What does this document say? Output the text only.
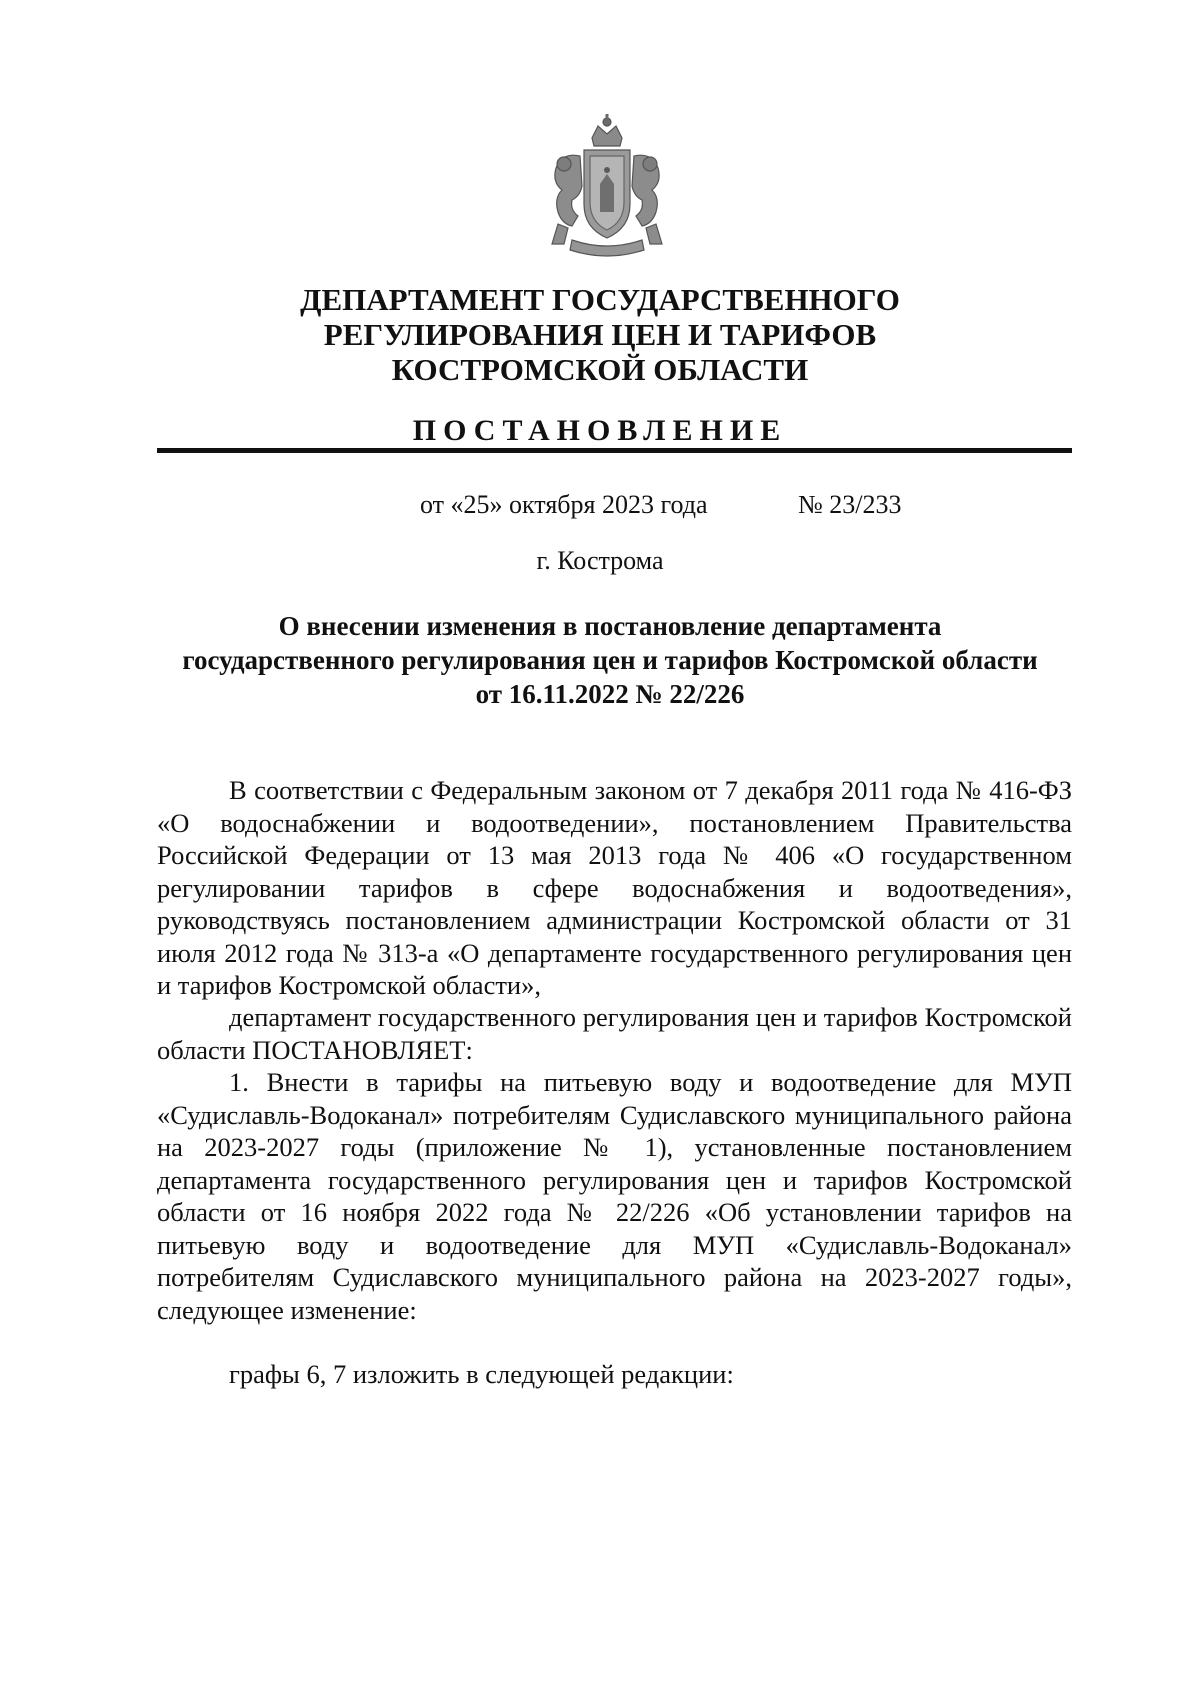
ДЕПАРТАМЕНТ ГОСУДАРСТВЕННОГО
РЕГУЛИРОВАНИЯ ЦЕН И ТАРИФОВ
КОСТРОМСКОЙ ОБЛАСТИ
ПОСТАНОВЛЕНИЕ
от «25» октября 2023 года	№ 23/233
г. Кострома
О внесении изменения в постановление департамента
государственного регулирования цен и тарифов Костромской области
от 16.11.2022 № 22/226

В соответствии с Федеральным законом от 7 декабря 2011 года № 416-ФЗ «О водоснабжении и водоотведении», постановлением Правительства Российской Федерации от 13 мая 2013 года № 406 «О государственном регулировании тарифов в сфере водоснабжения и водоотведения», руководствуясь постановлением администрации Костромской области от 31 июля 2012 года № 313-а «О департаменте государственного регулирования цен и тарифов Костромской области»,

департамент государственного регулирования цен и тарифов Костромской области ПОСТАНОВЛЯЕТ:

1. Внести в тарифы на питьевую воду и водоотведение для МУП «Судиславль-Водоканал» потребителям Судиславского муниципального района на 2023-2027 годы (приложение № 1), установленные постановлением департамента государственного регулирования цен и тарифов Костромской области от 16 ноября 2022 года № 22/226 «Об установлении тарифов на питьевую воду и водоотведение для МУП «Судиславль-Водоканал» потребителям Судиславского муниципального района на 2023-2027 годы», следующее изменение:

графы 6, 7 изложить в следующей редакции:
